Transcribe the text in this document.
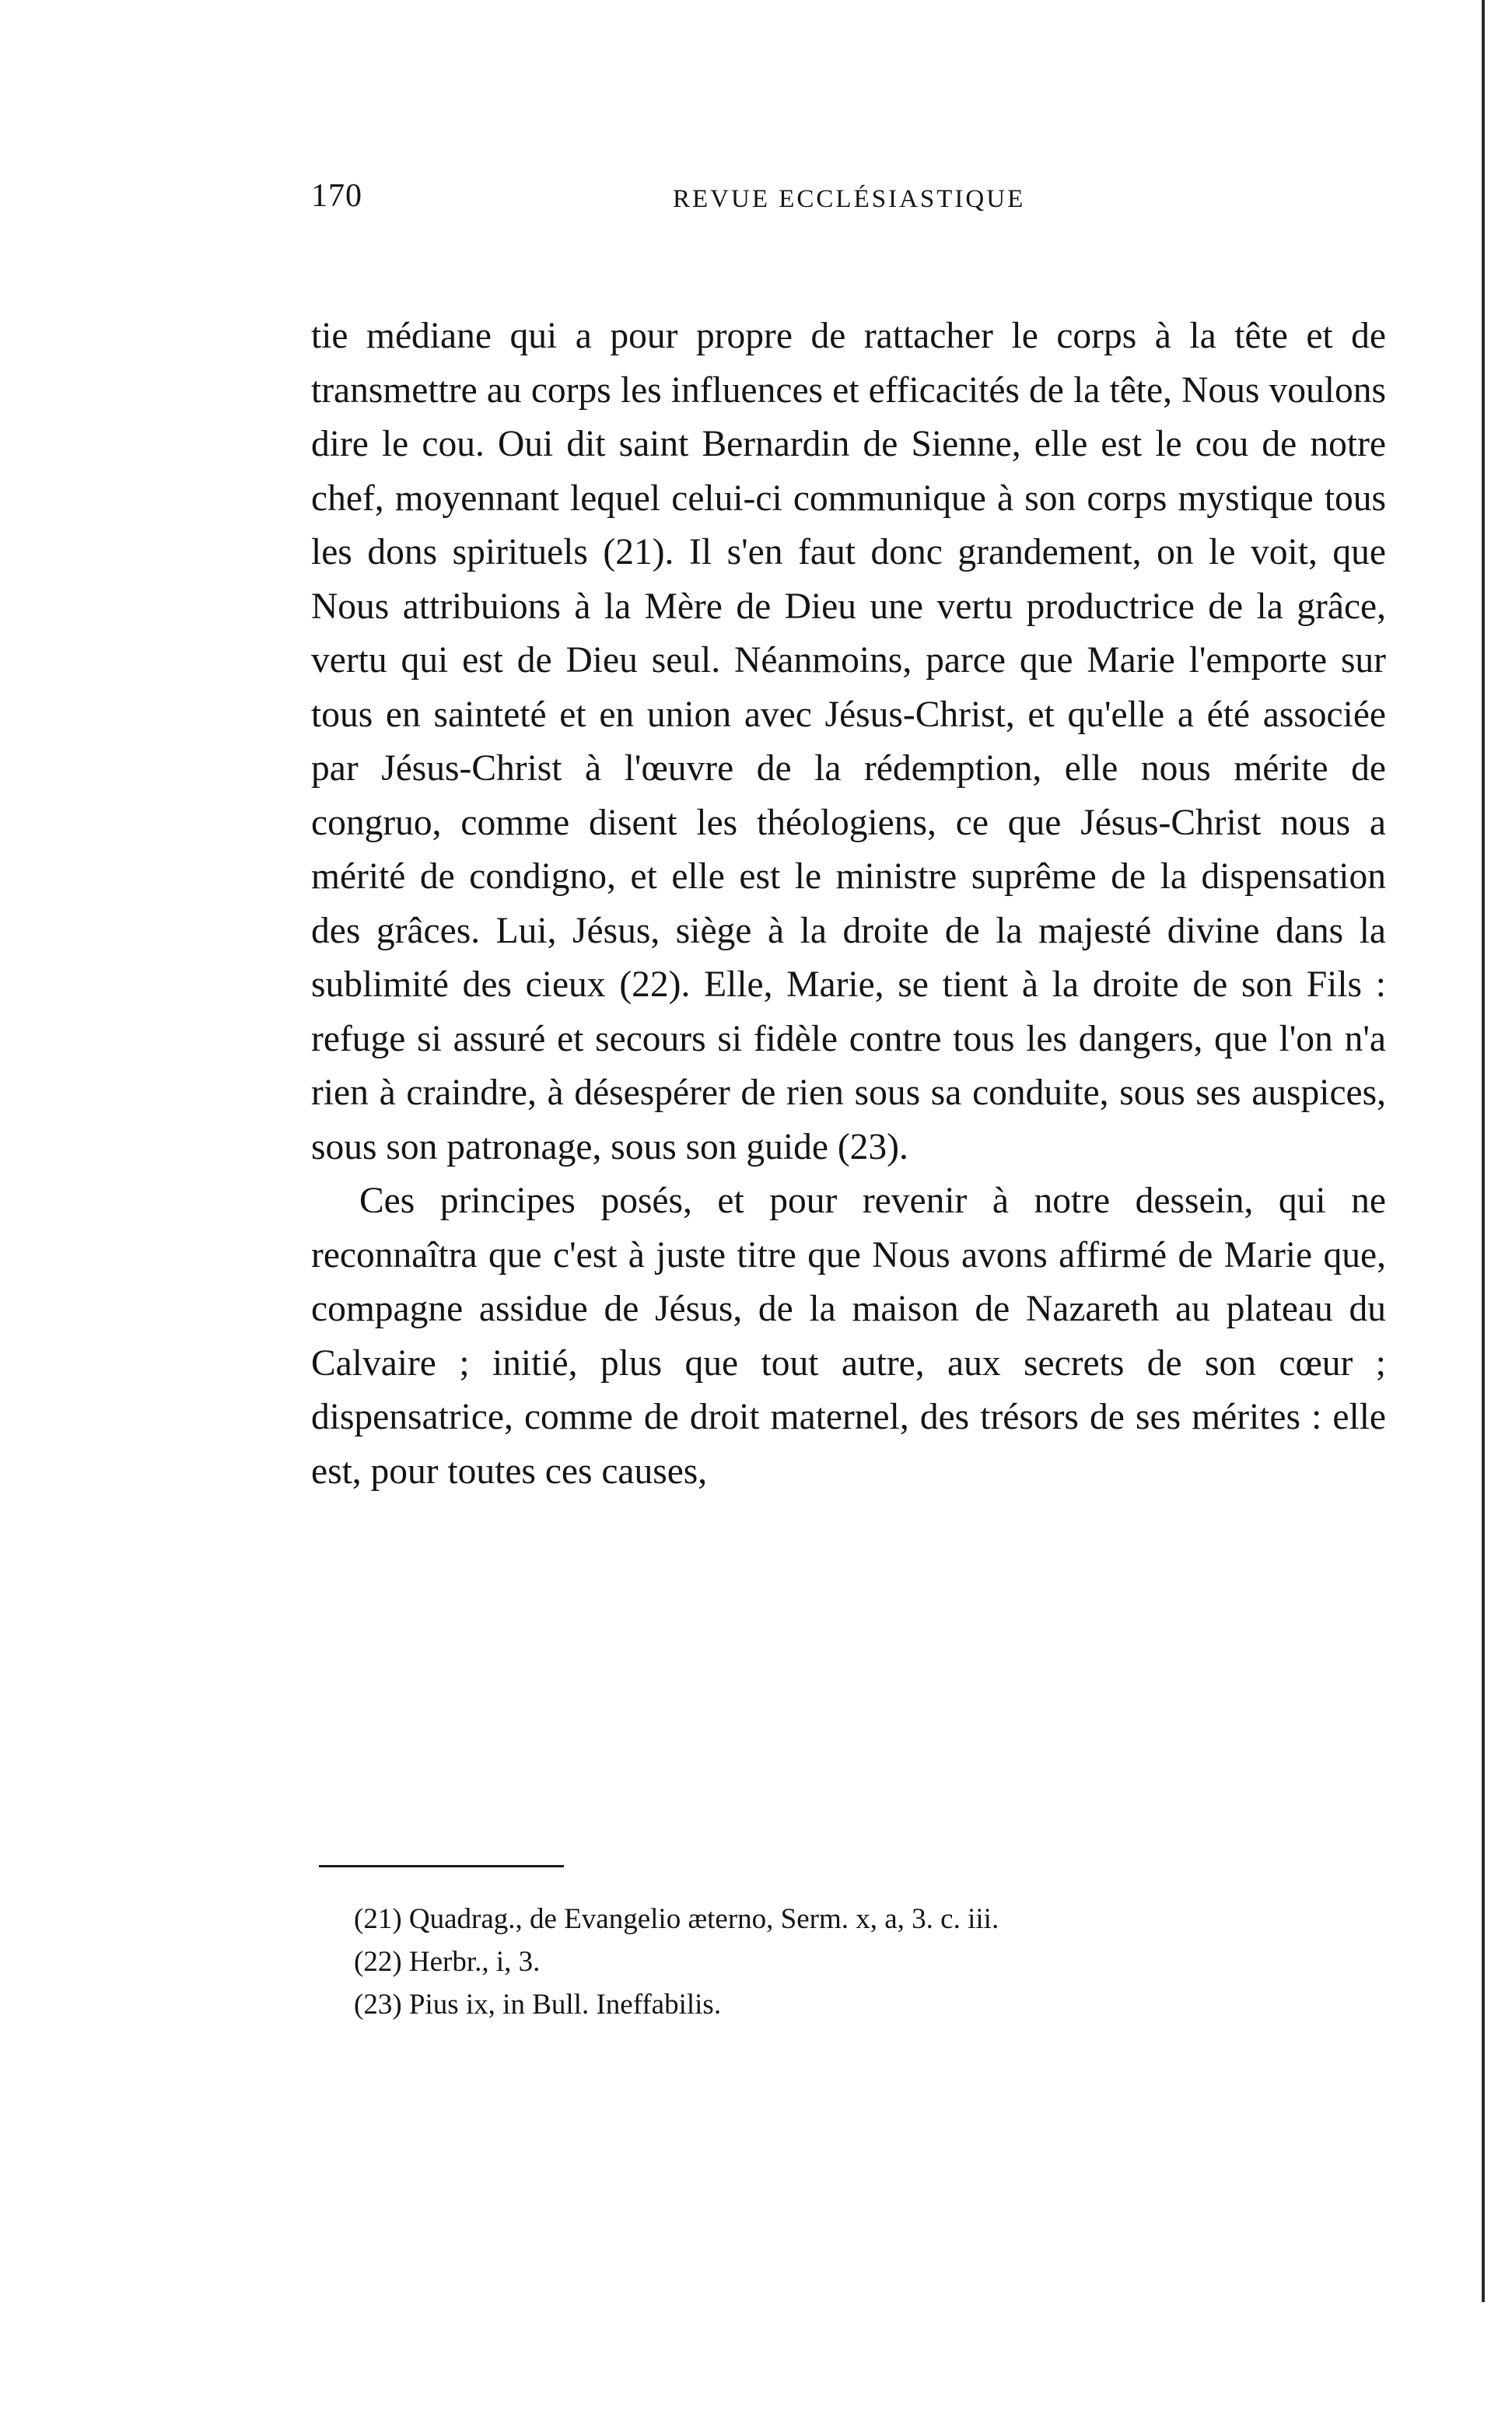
170	REVUE ECCLÉSIASTIQUE

tie médiane qui a pour propre de rattacher le corps à la tête et de transmettre au corps les influences et efficacités de la tête, Nous voulons dire le cou. Oui dit saint Bernardin de Sienne, elle est le cou de notre chef, moyennant lequel celui-ci communique à son corps mystique tous les dons spirituels (21). Il s'en faut donc grandement, on le voit, que Nous attribuions à la Mère de Dieu une vertu productrice de la grâce, vertu qui est de Dieu seul. Néanmoins, parce que Marie l'emporte sur tous en sainteté et en union avec Jésus-Christ, et qu'elle a été associée par Jésus-Christ à l'œuvre de la rédemption, elle nous mérite de congruo, comme disent les théologiens, ce que Jésus-Christ nous a mérité de condigno, et elle est le ministre suprême de la dispensation des grâces. Lui, Jésus, siège à la droite de la majesté divine dans la sublimité des cieux (22). Elle, Marie, se tient à la droite de son Fils : refuge si assuré et secours si fidèle contre tous les dangers, que l'on n'a rien à craindre, à désespérer de rien sous sa conduite, sous ses auspices, sous son patronage, sous son guide (23).

Ces principes posés, et pour revenir à notre dessein, qui ne reconnaîtra que c'est à juste titre que Nous avons affirmé de Marie que, compagne assidue de Jésus, de la maison de Nazareth au plateau du Calvaire ; initié, plus que tout autre, aux secrets de son cœur ; dispensatrice, comme de droit maternel, des trésors de ses mérites : elle est, pour toutes ces causes,

(21) Quadrag., de Evangelio æterno, Serm. x, a, 3. c. iii.
(22) Herbr., i, 3.
(23) Pius ix, in Bull. Ineffabilis.
